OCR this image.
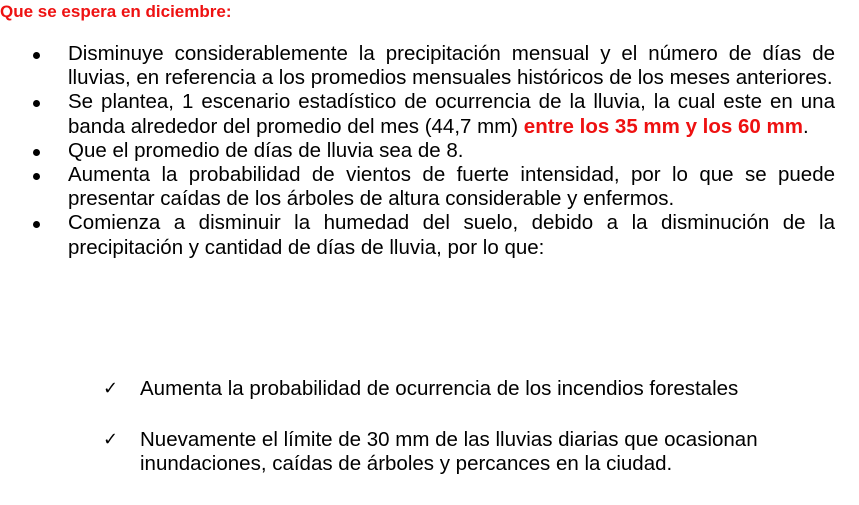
Que se espera en diciembre:
Disminuye considerablemente la precipitación mensual y el número de días de lluvias, en referencia a los promedios mensuales históricos de los meses anteriores.
Se plantea, 1 escenario estadístico de ocurrencia de la lluvia, la cual este en una banda alrededor del promedio del mes (44,7 mm) entre los 35 mm y los 60 mm.
Que el promedio de días de lluvia sea de 8.
Aumenta la probabilidad de vientos de fuerte intensidad, por lo que se puede presentar caídas de los árboles de altura considerable y enfermos.
Comienza a disminuir la humedad del suelo, debido a la disminución de la precipitación y cantidad de días de lluvia, por lo que:
✓ Aumenta la probabilidad de ocurrencia de los incendios forestales
✓ Nuevamente el límite de 30 mm de las lluvias diarias que ocasionan inundaciones, caídas de árboles y percances en la ciudad.
